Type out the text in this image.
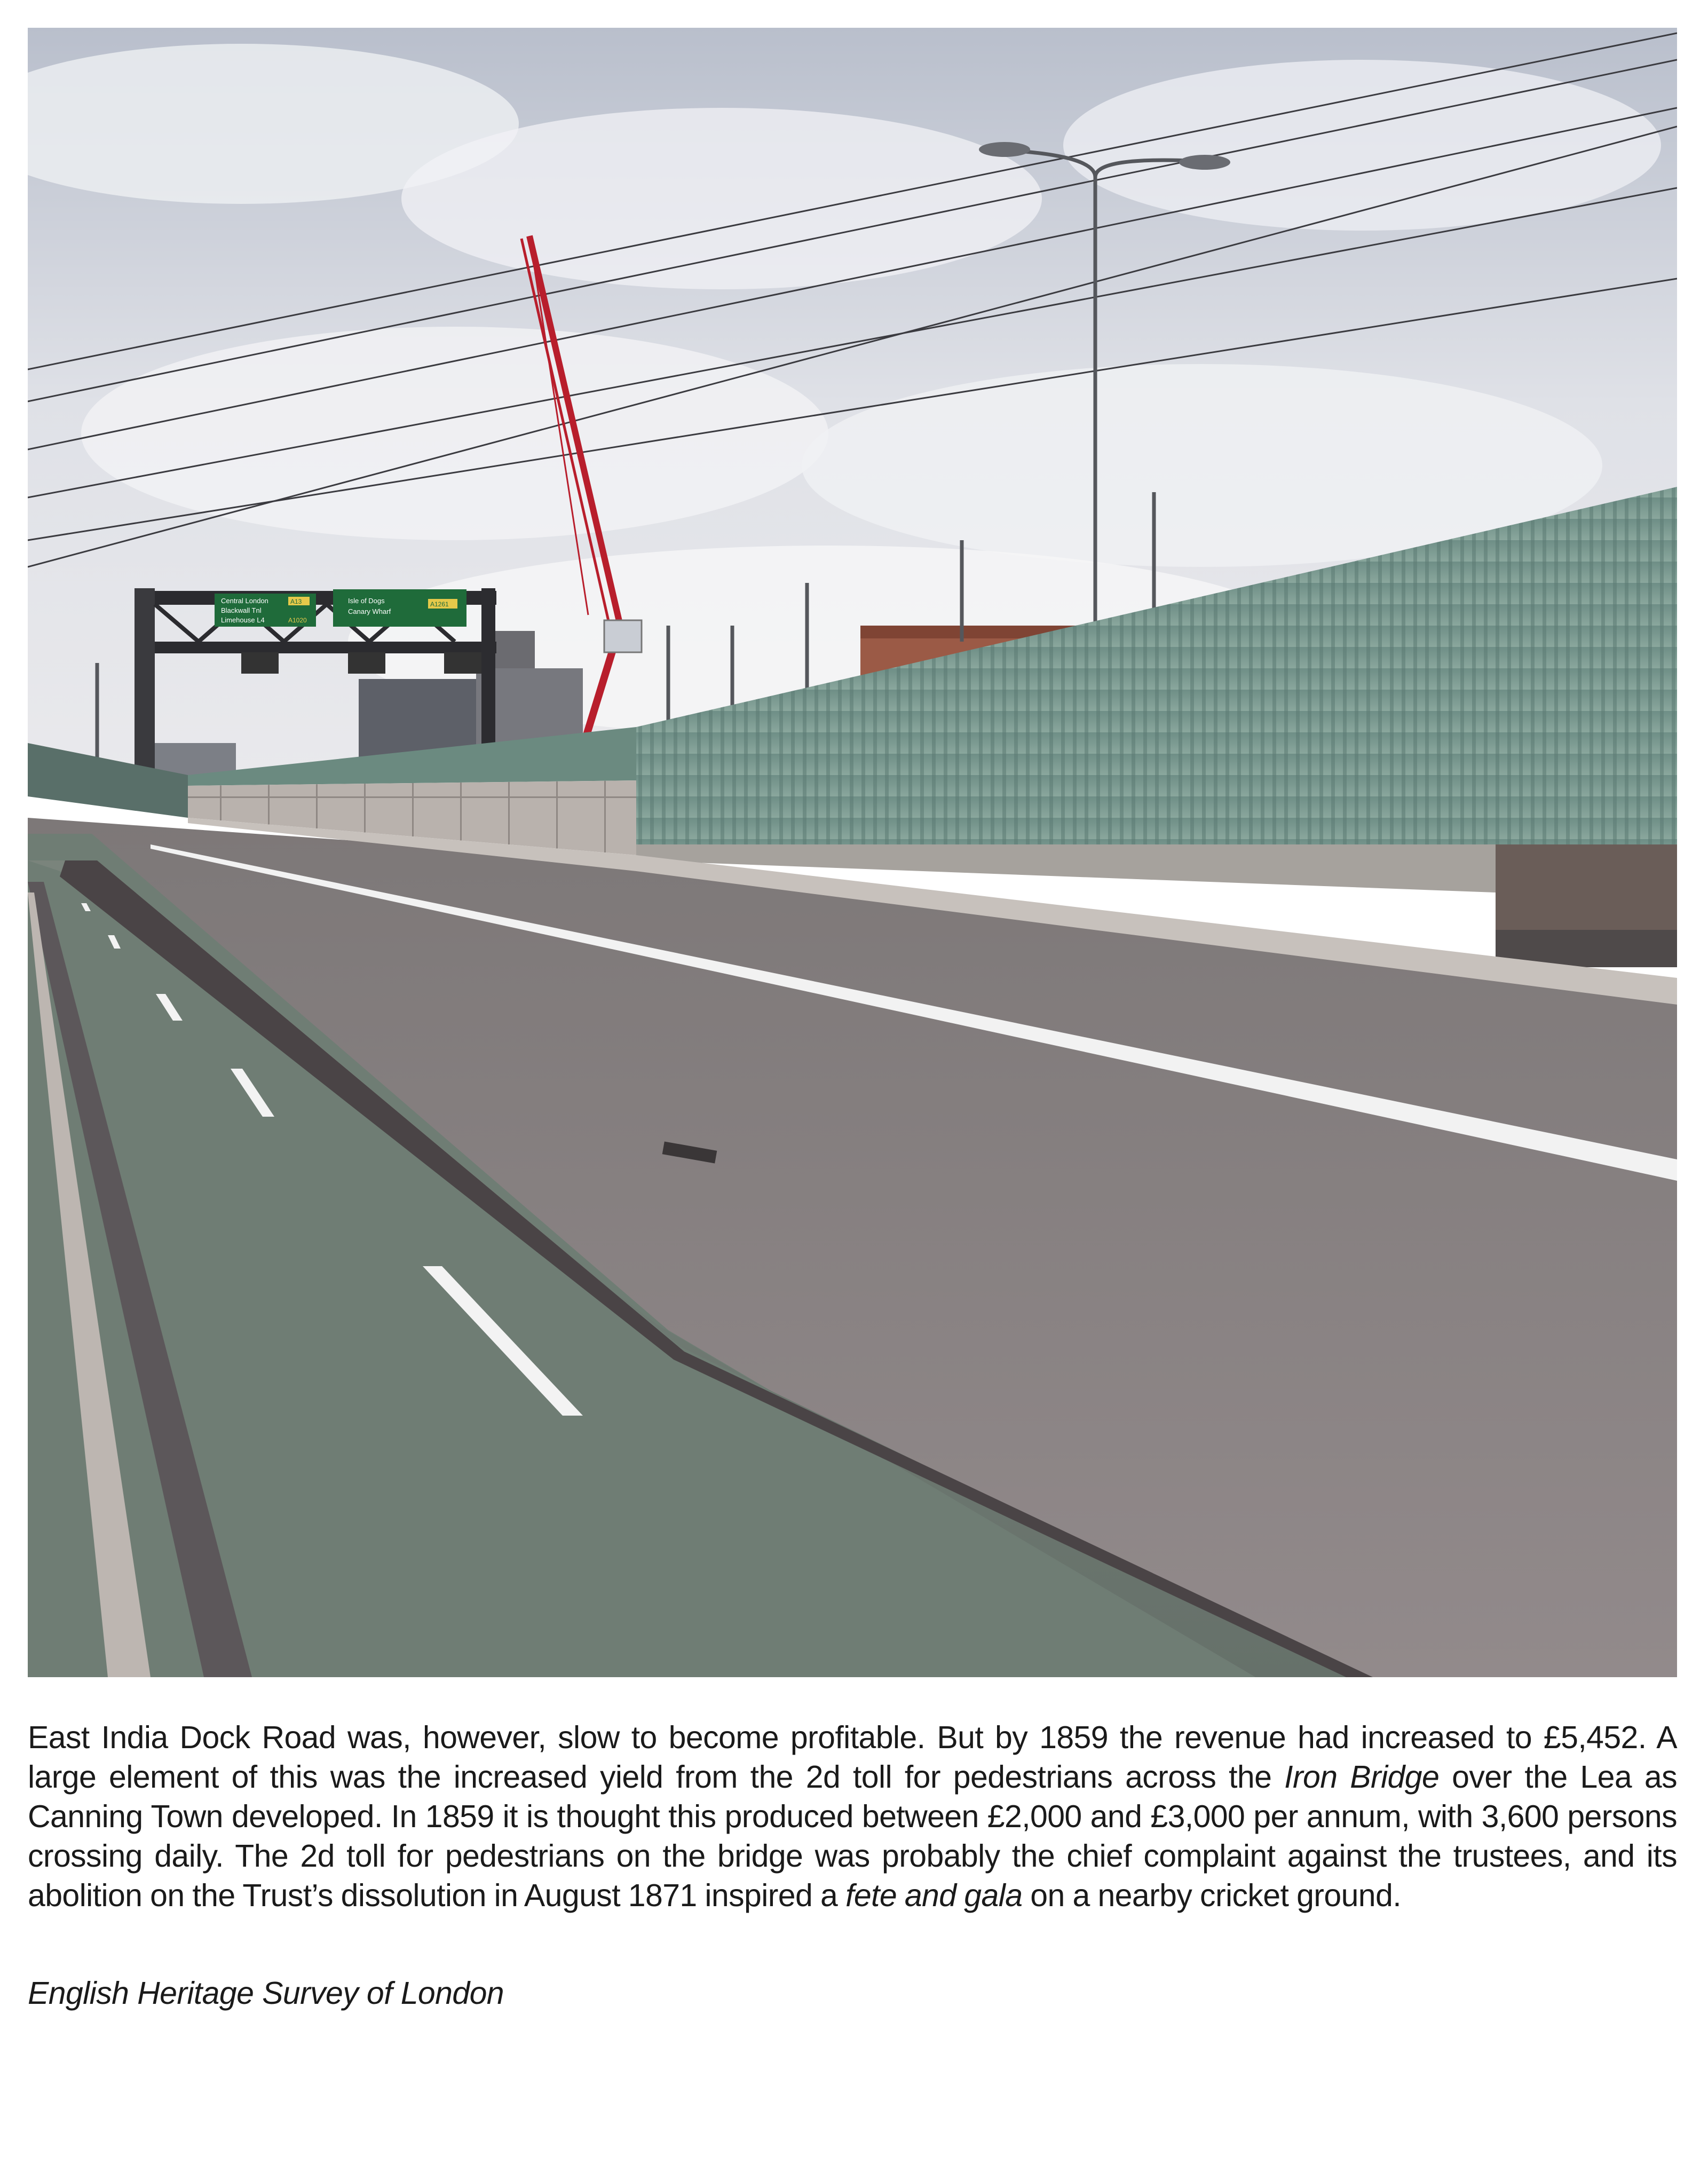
Central London
Blackwall Tnl
Limehouse L4
A13
A1020
Isle of Dogs
Canary Wharf
A1261

East India Dock Road was, however, slow to become profitable. But by 1859 the revenue had increased to £5,452. A large element of this was the increased yield from the 2d toll for pedestrians across the Iron Bridge over the Lea as Canning Town developed. In 1859 it is thought this produced between £2,000 and £3,000 per annum, with 3,600 persons crossing daily. The 2d toll for pedestrians on the bridge was probably the chief complaint against the trustees, and its abolition on the Trust’s dissolution in August 1871 inspired a fete and gala on a nearby cricket ground.

English Heritage Survey of London
